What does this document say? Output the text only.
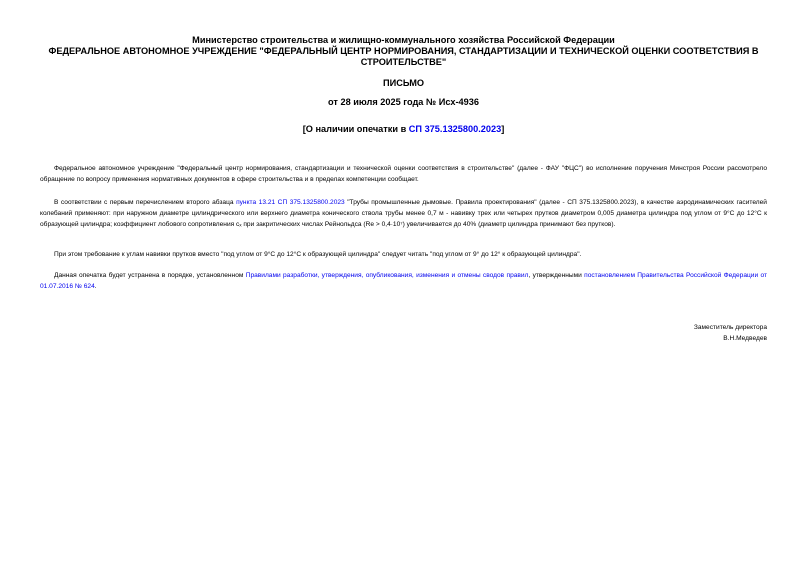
Министерство строительства и жилищно-коммунального хозяйства Российской Федерации
ФЕДЕРАЛЬНОЕ АВТОНОМНОЕ УЧРЕЖДЕНИЕ "ФЕДЕРАЛЬНЫЙ ЦЕНТР НОРМИРОВАНИЯ, СТАНДАРТИЗАЦИИ И ТЕХНИЧЕСКОЙ ОЦЕНКИ СООТВЕТСТВИЯ В СТРОИТЕЛЬСТВЕ"
ПИСЬМО
от 28 июля 2025 года № Исх-4936
[О наличии опечатки в СП 375.1325800.2023]
Федеральное автономное учреждение "Федеральный центр нормирования, стандартизации и технической оценки соответствия в строительстве" (далее - ФАУ "ФЦС") во исполнение поручения Минстроя России рассмотрело обращение по вопросу применения нормативных документов в сфере строительства и в пределах компетенции сообщает.
В соответствии с первым перечислением второго абзаца пункта 13.21 СП 375.1325800.2023 "Трубы промышленные дымовые. Правила проектирования" (далее - СП 375.1325800.2023), в качестве аэродинамических гасителей колебаний применяют: при наружном диаметре цилиндрического или верхнего диаметра конического ствола трубы менее 0,7 м - навивку трех или четырех прутков диаметром 0,005 диаметра цилиндра под углом от 9°С до 12°С к образующей цилиндра; коэффициент лобового сопротивления cₓ при закритических числах Рейнольдса (Re > 0,4·10⁷) увеличивается до 40% (диаметр цилиндра принимают без прутков).
При этом требование к углам навивки прутков вместо "под углом от 9°С до 12°С к образующей цилиндра" следует читать "под углом от 9° до 12° к образующей цилиндра".
Данная опечатка будет устранена в порядке, установленном Правилами разработки, утверждения, опубликования, изменения и отмены сводов правил, утвержденными постановлением Правительства Российской Федерации от 01.07.2016 № 624.
Заместитель директора
В.Н.Медведев
